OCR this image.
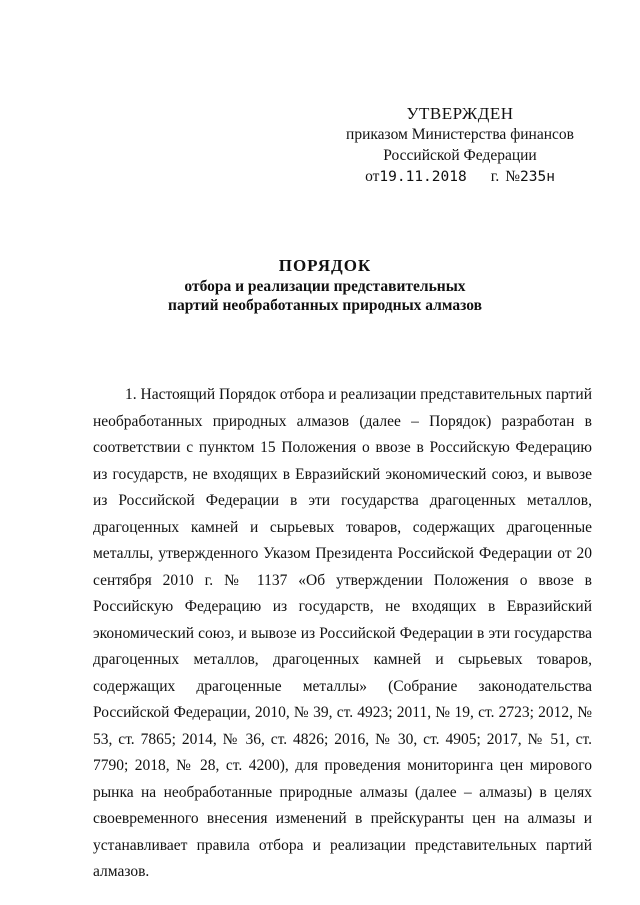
УТВЕРЖДЕН
приказом Министерства финансов
Российской Федерации
от19.11.2018 г. №235н
ПОРЯДОК
отбора и реализации представительных
партий необработанных природных алмазов

1. Настоящий Порядок отбора и реализации представительных партий необработанных природных алмазов (далее – Порядок) разработан в соответствии с пунктом 15 Положения о ввозе в Российскую Федерацию из государств, не входящих в Евразийский экономический союз, и вывозе из Российской Федерации в эти государства драгоценных металлов, драгоценных камней и сырьевых товаров, содержащих драгоценные металлы, утвержденного Указом Президента Российской Федерации от 20 сентября 2010 г. № 1137 «Об утверждении Положения о ввозе в Российскую Федерацию из государств, не входящих в Евразийский экономический союз, и вывозе из Российской Федерации в эти государства драгоценных металлов, драгоценных камней и сырьевых товаров, содержащих драгоценные металлы» (Собрание законодательства Российской Федерации, 2010, № 39, ст. 4923; 2011, № 19, ст. 2723; 2012, № 53, ст. 7865; 2014, № 36, ст. 4826; 2016, № 30, ст. 4905; 2017, № 51, ст. 7790; 2018, № 28, ст. 4200), для проведения мониторинга цен мирового рынка на необработанные природные алмазы (далее – алмазы) в целях своевременного внесения изменений в прейскуранты цен на алмазы и устанавливает правила отбора и реализации представительных партий алмазов.
